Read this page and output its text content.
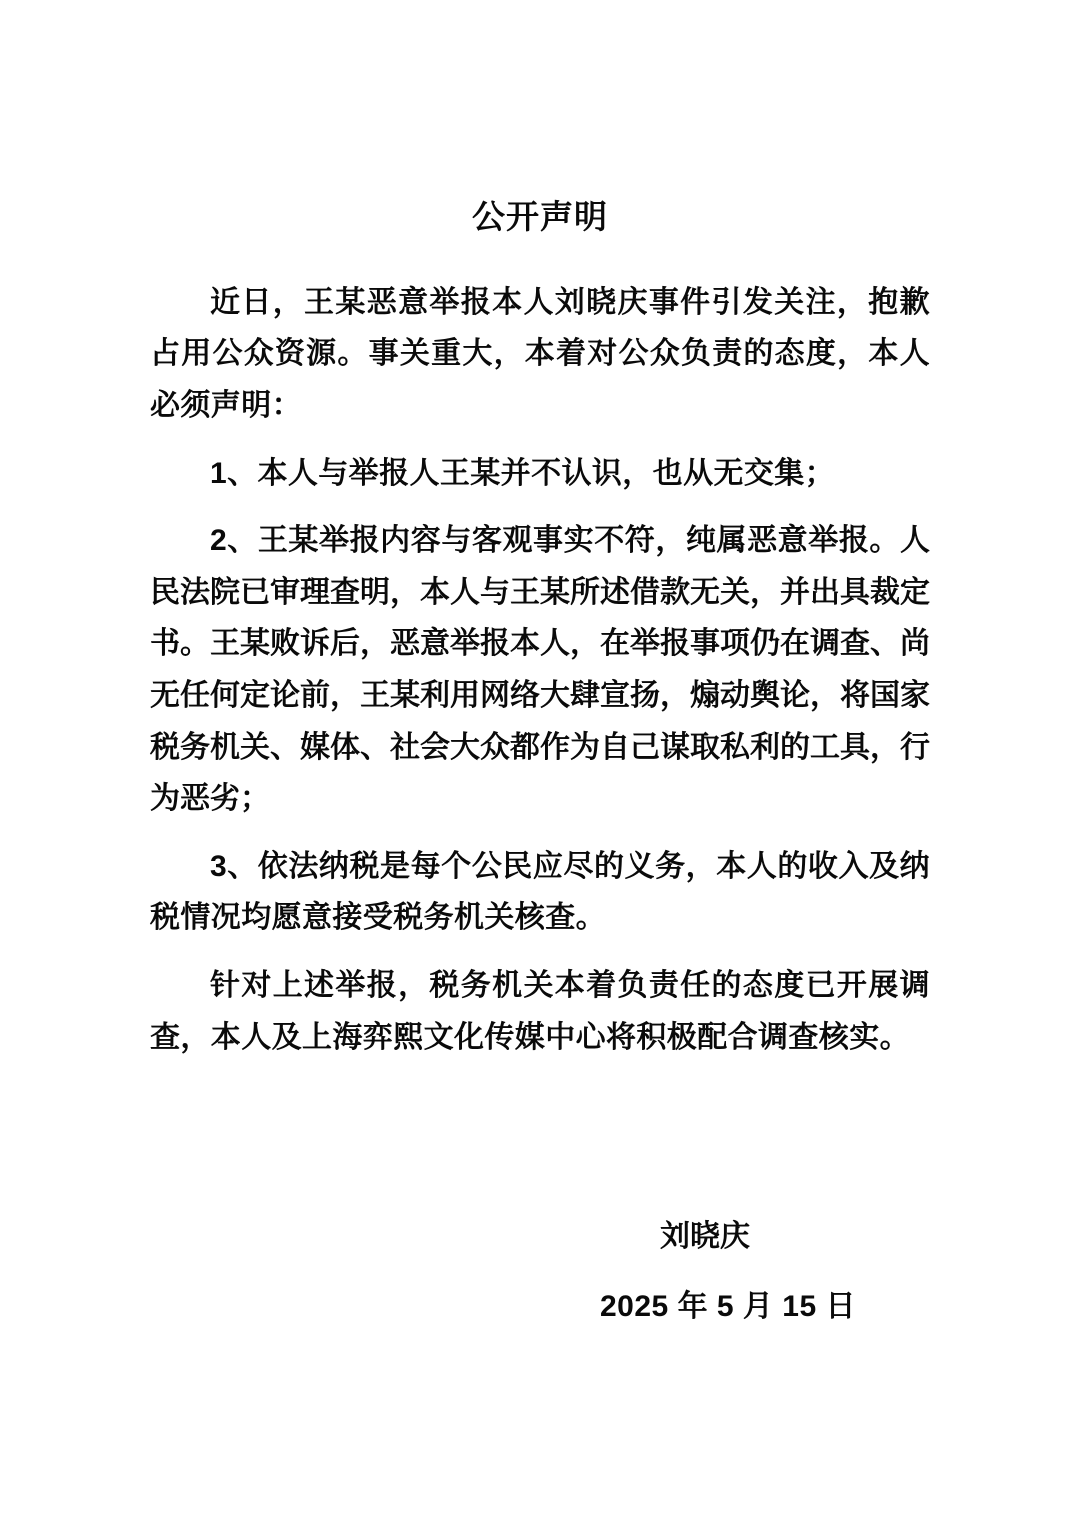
公开声明

近日，王某恶意举报本人刘晓庆事件引发关注，抱歉占用公众资源。事关重大，本着对公众负责的态度，本人必须声明：

1、本人与举报人王某并不认识，也从无交集；

2、王某举报内容与客观事实不符，纯属恶意举报。人民法院已审理查明，本人与王某所述借款无关，并出具裁定书。王某败诉后，恶意举报本人，在举报事项仍在调查、尚无任何定论前，王某利用网络大肆宣扬，煽动舆论，将国家税务机关、媒体、社会大众都作为自己谋取私利的工具，行为恶劣；

3、依法纳税是每个公民应尽的义务，本人的收入及纳税情况均愿意接受税务机关核查。

针对上述举报，税务机关本着负责任的态度已开展调查，本人及上海弈熙文化传媒中心将积极配合调查核实。

刘晓庆

2025 年 5 月 15 日
